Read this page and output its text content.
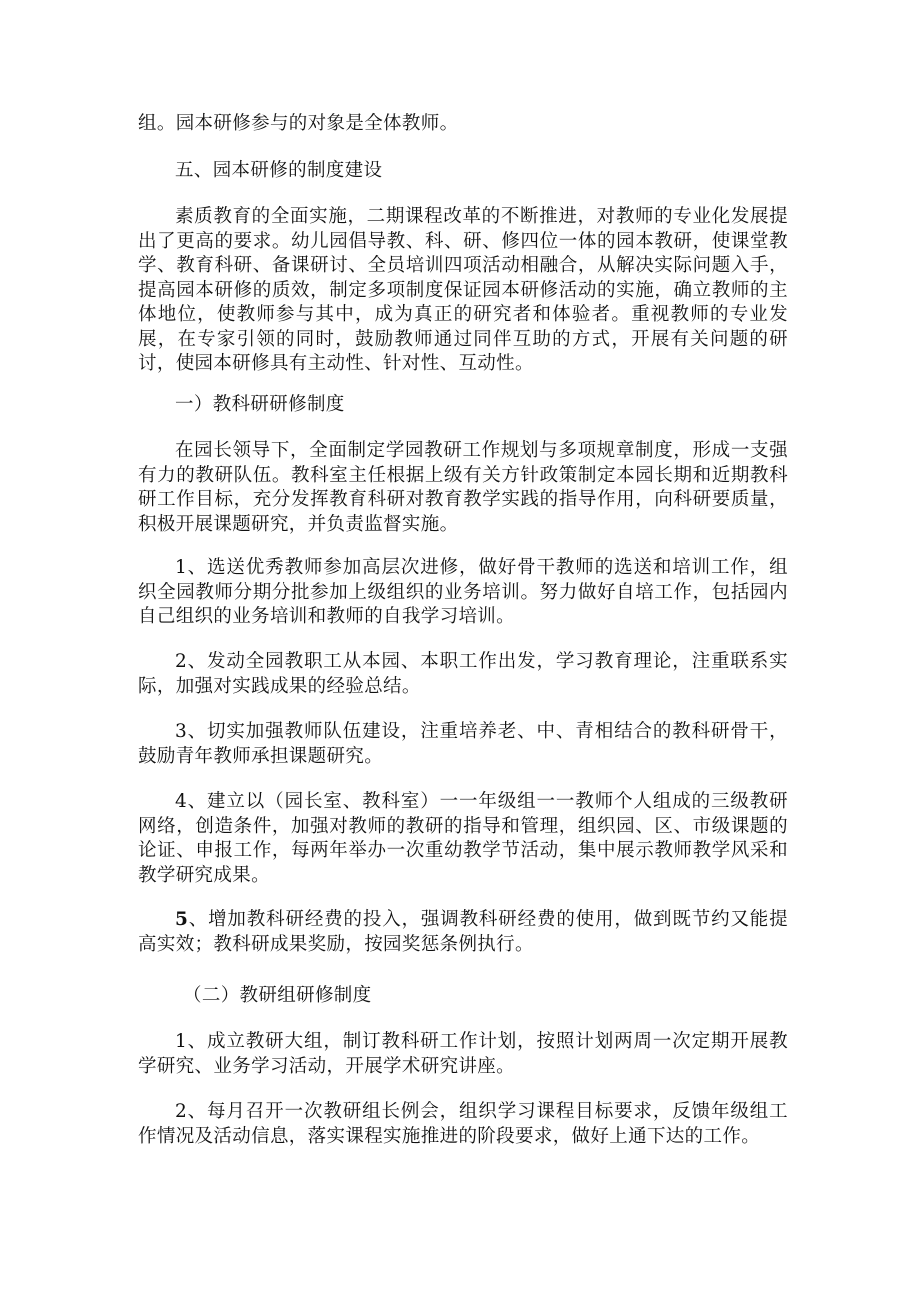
组。园本研修参与的对象是全体教师。

五、园本研修的制度建设

素质教育的全面实施，二期课程改革的不断推进，对教师的专业化发展提出了更高的要求。幼儿园倡导教、科、研、修四位一体的园本教研，使课堂教学、教育科研、备课研讨、全员培训四项活动相融合，从解决实际问题入手，提高园本研修的质效，制定多项制度保证园本研修活动的实施，确立教师的主体地位，使教师参与其中，成为真正的研究者和体验者。重视教师的专业发展，在专家引领的同时，鼓励教师通过同伴互助的方式，开展有关问题的研讨，使园本研修具有主动性、针对性、互动性。

一）教科研研修制度

在园长领导下，全面制定学园教研工作规划与多项规章制度，形成一支强有力的教研队伍。教科室主任根据上级有关方针政策制定本园长期和近期教科研工作目标，充分发挥教育科研对教育教学实践的指导作用，向科研要质量，积极开展课题研究，并负责监督实施。

1、选送优秀教师参加高层次进修，做好骨干教师的选送和培训工作，组织全园教师分期分批参加上级组织的业务培训。努力做好自培工作，包括园内自己组织的业务培训和教师的自我学习培训。

2、发动全园教职工从本园、本职工作出发，学习教育理论，注重联系实际，加强对实践成果的经验总结。

3、切实加强教师队伍建设，注重培养老、中、青相结合的教科研骨干，鼓励青年教师承担课题研究。

4、建立以（园长室、教科室）一一年级组一一教师个人组成的三级教研网络，创造条件，加强对教师的教研的指导和管理，组织园、区、市级课题的论证、申报工作，每两年举办一次重幼教学节活动，集中展示教师教学风采和教学研究成果。

5、增加教科研经费的投入，强调教科研经费的使用，做到既节约又能提高实效；教科研成果奖励，按园奖惩条例执行。

（二）教研组研修制度

1、成立教研大组，制订教科研工作计划，按照计划两周一次定期开展教学研究、业务学习活动，开展学术研究讲座。

2、每月召开一次教研组长例会，组织学习课程目标要求，反馈年级组工作情况及活动信息，落实课程实施推进的阶段要求，做好上通下达的工作。
